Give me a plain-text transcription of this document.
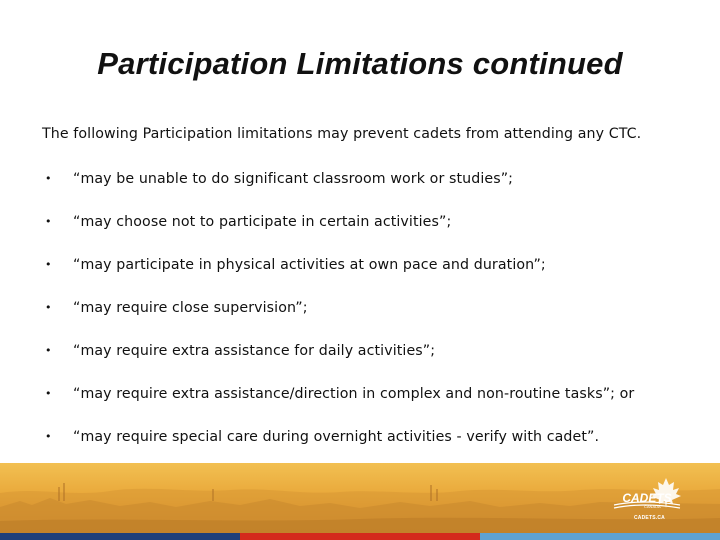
Participation Limitations continued
The following Participation limitations may prevent cadets from attending any CTC.
•	“may be unable to do significant classroom work or studies”;
•	“may choose not to participate in certain activities”;
•	“may participate in physical activities at own pace and duration”;
•	“may require close supervision”;
•	“may require extra assistance for daily activities”;
•	“may require extra assistance/direction in complex and non-routine tasks”; or
•	“may require special care during overnight activities - verify with cadet”.
CADETS
CANADA
CADETS.CA
